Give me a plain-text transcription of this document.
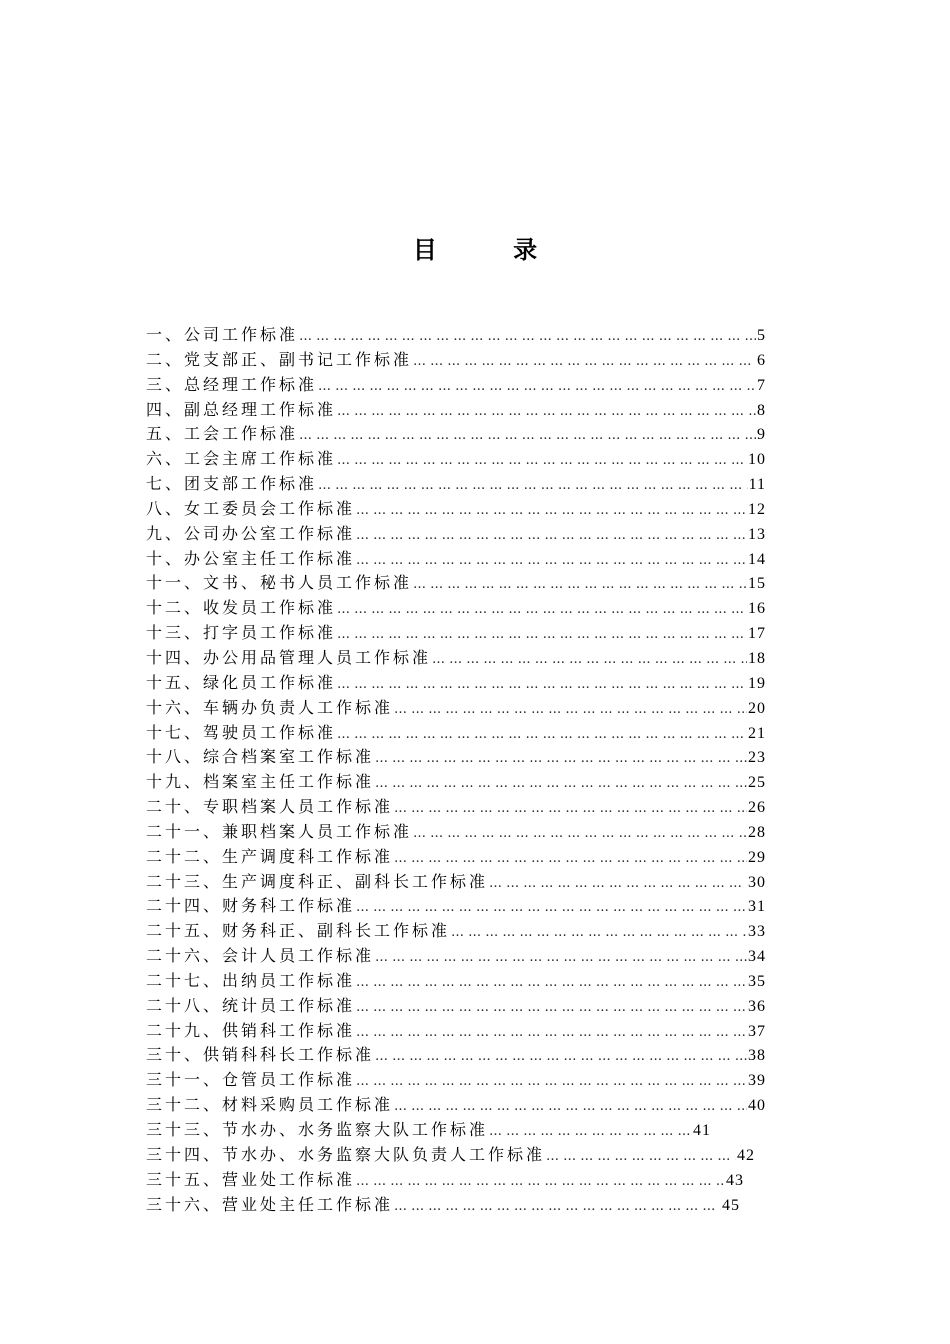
目 录
一、公司工作标准 … … … … … … … … … … … … … … … … … … … … … … … … … … … … … … … … … … … … … … … … … … … … … … … …	5
二、党支部正、副书记工作标准 … … … … … … … … … … … … … … … … … … … … … … … … … … … … … … … … … … … … … … … … … … … … … … … …	6
三、总经理工作标准 … … … … … … … … … … … … … … … … … … … … … … … … … … … … … … … … … … … … … … … … … … … … … … … …	7
四、副总经理工作标准 … … … … … … … … … … … … … … … … … … … … … … … … … … … … … … … … … … … … … … … … … … … … … … … …	8
五、工会工作标准 … … … … … … … … … … … … … … … … … … … … … … … … … … … … … … … … … … … … … … … … … … … … … … … …	9
六、工会主席工作标准 … … … … … … … … … … … … … … … … … … … … … … … … … … … … … … … … … … … … … … … … … … … … … … … …	10
七、团支部工作标准 … … … … … … … … … … … … … … … … … … … … … … … … … … … … … … … … … … … … … … … … … … … … … … … …	11
八、女工委员会工作标准 … … … … … … … … … … … … … … … … … … … … … … … … … … … … … … … … … … … … … … … … … … … … … … … …	12
九、公司办公室工作标准 … … … … … … … … … … … … … … … … … … … … … … … … … … … … … … … … … … … … … … … … … … … … … … … …	13
十、办公室主任工作标准 … … … … … … … … … … … … … … … … … … … … … … … … … … … … … … … … … … … … … … … … … … … … … … … …	14
十一、文书、秘书人员工作标准 … … … … … … … … … … … … … … … … … … … … … … … … … … … … … … … … … … … … … … … … … … … … … … … …	15
十二、收发员工作标准 … … … … … … … … … … … … … … … … … … … … … … … … … … … … … … … … … … … … … … … … … … … … … … … …	16
十三、打字员工作标准 … … … … … … … … … … … … … … … … … … … … … … … … … … … … … … … … … … … … … … … … … … … … … … … …	17
十四、办公用品管理人员工作标准 … … … … … … … … … … … … … … … … … … … … … … … … … … … … … … … … … … … … … … … … … … … … … … … …	18
十五、绿化员工作标准 … … … … … … … … … … … … … … … … … … … … … … … … … … … … … … … … … … … … … … … … … … … … … … … …	19
十六、车辆办负责人工作标准 … … … … … … … … … … … … … … … … … … … … … … … … … … … … … … … … … … … … … … … … … … … … … … … …	20
十七、驾驶员工作标准 … … … … … … … … … … … … … … … … … … … … … … … … … … … … … … … … … … … … … … … … … … … … … … … …	21
十八、综合档案室工作标准 … … … … … … … … … … … … … … … … … … … … … … … … … … … … … … … … … … … … … … … … … … … … … … … …	23
十九、档案室主任工作标准 … … … … … … … … … … … … … … … … … … … … … … … … … … … … … … … … … … … … … … … … … … … … … … … …	25
二十、专职档案人员工作标准 … … … … … … … … … … … … … … … … … … … … … … … … … … … … … … … … … … … … … … … … … … … … … … … …	26
二十一、兼职档案人员工作标准 … … … … … … … … … … … … … … … … … … … … … … … … … … … … … … … … … … … … … … … … … … … … … … … …	28
二十二、生产调度科工作标准 … … … … … … … … … … … … … … … … … … … … … … … … … … … … … … … … … … … … … … … … … … … … … … … …	29
二十三、生产调度科正、副科长工作标准 … … … … … … … … … … … … … … … … … … … … … … … … … … … … … … … … … … … … … … … … … … … … … … … …	30
二十四、财务科工作标准 … … … … … … … … … … … … … … … … … … … … … … … … … … … … … … … … … … … … … … … … … … … … … … … …	31
二十五、财务科正、副科长工作标准 … … … … … … … … … … … … … … … … … … … … … … … … … … … … … … … … … … … … … … … … … … … … … … … …	33
二十六、会计人员工作标准 … … … … … … … … … … … … … … … … … … … … … … … … … … … … … … … … … … … … … … … … … … … … … … … …	34
二十七、出纳员工作标准 … … … … … … … … … … … … … … … … … … … … … … … … … … … … … … … … … … … … … … … … … … … … … … … …	35
二十八、统计员工作标准 … … … … … … … … … … … … … … … … … … … … … … … … … … … … … … … … … … … … … … … … … … … … … … … …	36
二十九、供销科工作标准 … … … … … … … … … … … … … … … … … … … … … … … … … … … … … … … … … … … … … … … … … … … … … … … …	37
三十、供销科科长工作标准 … … … … … … … … … … … … … … … … … … … … … … … … … … … … … … … … … … … … … … … … … … … … … … … …	38
三十一、仓管员工作标准 … … … … … … … … … … … … … … … … … … … … … … … … … … … … … … … … … … … … … … … … … … … … … … … …	39
三十二、材料采购员工作标准 … … … … … … … … … … … … … … … … … … … … … … … … … … … … … … … … … … … … … … … … … … … … … … … …	40
三十三、节水办、水务监察大队工作标准 … … … … … … … … … … … … … … … … … … … … … … … … … … … … … … … … … … … … … … … … … … … … … … … …	41
三十四、节水办、水务监察大队负责人工作标准 … … … … … … … … … … … … … … … … … … … … … … … … … … … … … … … … … … … … … … … … … … … … … … … …	42
三十五、营业处工作标准 … … … … … … … … … … … … … … … … … … … … … … … … … … … … … … … … … … … … … … … … … … … … … … … …	43
三十六、营业处主任工作标准 … … … … … … … … … … … … … … … … … … … … … … … … … … … … … … … … … … … … … … … … … … … … … … … …	45
